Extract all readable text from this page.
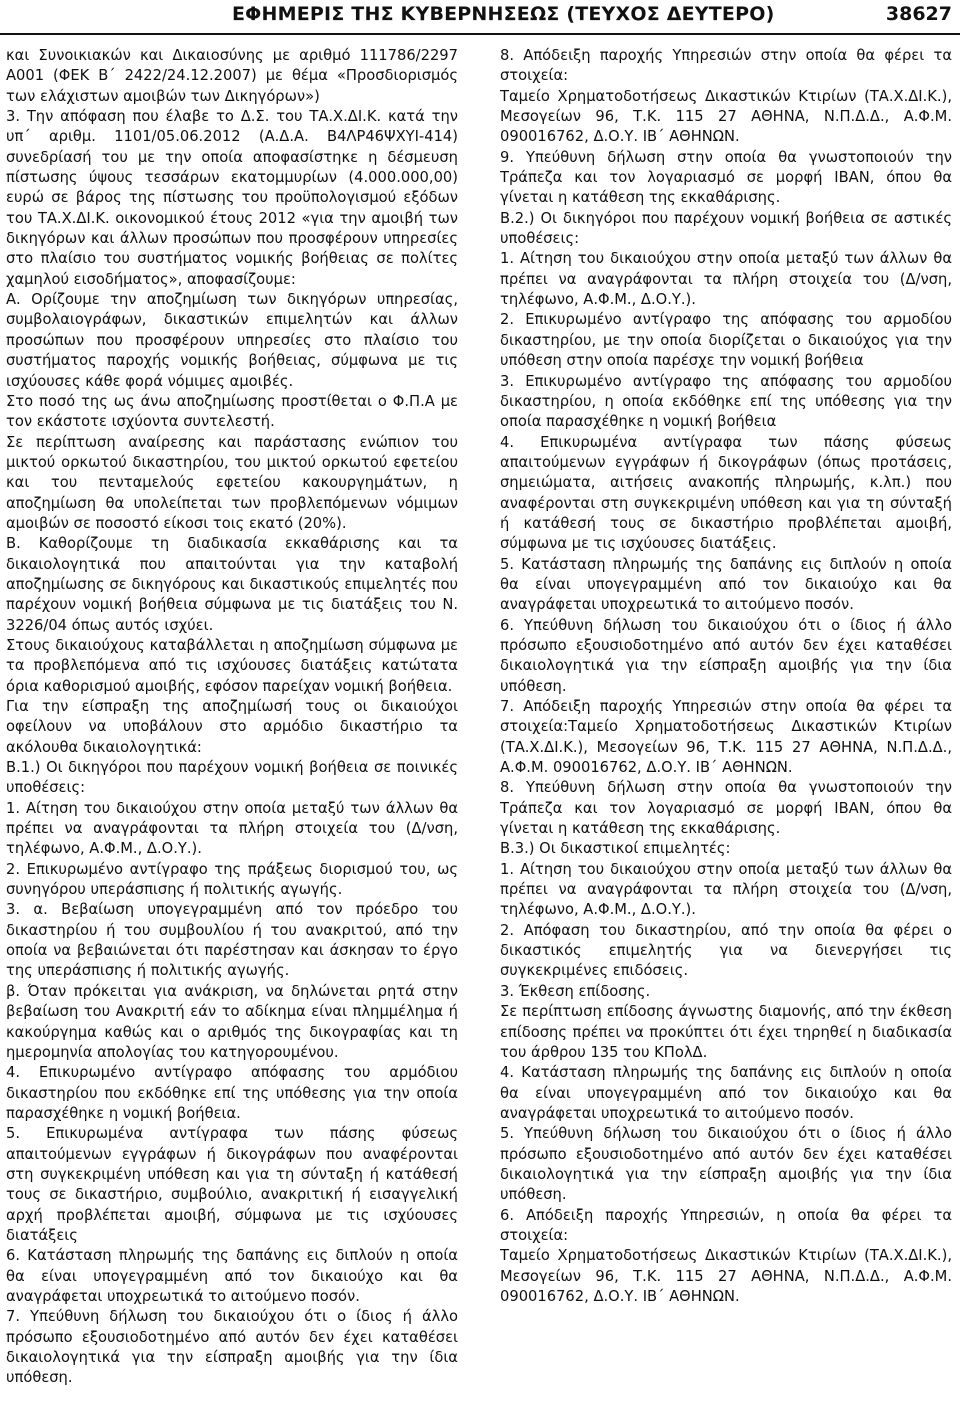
ΕΦΗΜΕΡΙΣ ΤΗΣ ΚΥΒΕΡΝΗΣΕΩΣ (ΤΕΥΧΟΣ ΔΕΥΤΕΡΟ)	38627

και Συνοικιακών και Δικαιοσύνης με αριθμό 111786/2297 Α001 (ΦΕΚ Β΄ 2422/24.12.2007) με θέμα «Προσδιορισμός των ελάχιστων αμοιβών των Δικηγόρων»)

3. Την απόφαση που έλαβε το Δ.Σ. του ΤΑ.Χ.ΔΙ.Κ. κατά την υπ΄ αριθμ. 1101/05.06.2012 (Α.Δ.Α. Β4ΛΡ46ΨΧΥΙ-414) συνεδρίασή του με την οποία αποφασίστηκε η δέσμευση πίστωσης ύψους τεσσάρων εκατομμυρίων (4.000.000,00) ευρώ σε βάρος της πίστωσης του προϋπολογισμού εξόδων του ΤΑ.Χ.ΔΙ.Κ. οικονομικού έτους 2012 «για την αμοιβή των δικηγόρων και άλλων προσώπων που προσφέρουν υπηρεσίες στο πλαίσιο του συστήματος νομικής βοήθειας σε πολίτες χαμηλού εισοδήματος», αποφασίζουμε:

Α. Ορίζουμε την αποζημίωση των δικηγόρων υπηρεσίας, συμβολαιογράφων, δικαστικών επιμελητών και άλλων προσώπων που προσφέρουν υπηρεσίες στο πλαίσιο του συστήματος παροχής νομικής βοήθειας, σύμφωνα με τις ισχύουσες κάθε φορά νόμιμες αμοιβές.

Στο ποσό της ως άνω αποζημίωσης προστίθεται ο Φ.Π.Α με τον εκάστοτε ισχύοντα συντελεστή.

Σε περίπτωση αναίρεσης και παράστασης ενώπιον του μικτού ορκωτού δικαστηρίου, του μικτού ορκωτού εφετείου και του πενταμελούς εφετείου κακουργημάτων, η αποζημίωση θα υπολείπεται των προβλεπόμενων νόμιμων αμοιβών σε ποσοστό είκοσι τοις εκατό (20%).

Β. Καθορίζουμε τη διαδικασία εκκαθάρισης και τα δικαιολογητικά που απαιτούνται για την καταβολή αποζημίωσης σε δικηγόρους και δικαστικούς επιμελητές που παρέχουν νομική βοήθεια σύμφωνα με τις διατάξεις του Ν. 3226/04 όπως αυτός ισχύει.

Στους δικαιούχους καταβάλλεται η αποζημίωση σύμφωνα με τα προβλεπόμενα από τις ισχύουσες διατάξεις κατώτατα όρια καθορισμού αμοιβής, εφόσον παρείχαν νομική βοήθεια.

Για την είσπραξη της αποζημίωσή τους οι δικαιούχοι οφείλουν να υποβάλουν στο αρμόδιο δικαστήριο τα ακόλουθα δικαιολογητικά:

Β.1.) Οι δικηγόροι που παρέχουν νομική βοήθεια σε ποινικές υποθέσεις:

1. Αίτηση του δικαιούχου στην οποία μεταξύ των άλλων θα πρέπει να αναγράφονται τα πλήρη στοιχεία του (Δ/νση, τηλέφωνο, Α.Φ.Μ., Δ.Ο.Υ.).

2. Επικυρωμένο αντίγραφο της πράξεως διορισμού του, ως συνηγόρου υπεράσπισης ή πολιτικής αγωγής.

3. α. Βεβαίωση υπογεγραμμένη από τον πρόεδρο του δικαστηρίου ή του συμβουλίου ή του ανακριτού, από την οποία να βεβαιώνεται ότι παρέστησαν και άσκησαν το έργο της υπεράσπισης ή πολιτικής αγωγής.

β. Όταν πρόκειται για ανάκριση, να δηλώνεται ρητά στην βεβαίωση του Ανακριτή εάν το αδίκημα είναι πλημμέλημα ή κακούργημα καθώς και ο αριθμός της δικογραφίας και τη ημερομηνία απολογίας του κατηγορουμένου.

4. Επικυρωμένο αντίγραφο απόφασης του αρμόδιου δικαστηρίου που εκδόθηκε επί της υπόθεσης για την οποία παρασχέθηκε η νομική βοήθεια.

5. Επικυρωμένα αντίγραφα των πάσης φύσεως απαιτούμενων εγγράφων ή δικογράφων που αναφέρονται στη συγκεκριμένη υπόθεση και για τη σύνταξη ή κατάθεσή τους σε δικαστήριο, συμβούλιο, ανακριτική ή εισαγγελική αρχή προβλέπεται αμοιβή, σύμφωνα με τις ισχύουσες διατάξεις

6. Κατάσταση πληρωμής της δαπάνης εις διπλούν η οποία θα είναι υπογεγραμμένη από τον δικαιούχο και θα αναγράφεται υποχρεωτικά το αιτούμενο ποσόν.

7. Υπεύθυνη δήλωση του δικαιούχου ότι ο ίδιος ή άλλο πρόσωπο εξουσιοδοτημένο από αυτόν δεν έχει καταθέσει δικαιολογητικά για την είσπραξη αμοιβής για την ίδια υπόθεση.

8. Απόδειξη παροχής Υπηρεσιών στην οποία θα φέρει τα στοιχεία:

Ταμείο Χρηματοδοτήσεως Δικαστικών Κτιρίων (ΤΑ.Χ.ΔΙ.Κ.), Μεσογείων 96, Τ.Κ. 115 27 ΑΘΗΝΑ, Ν.Π.Δ.Δ., Α.Φ.Μ. 090016762, Δ.Ο.Υ. ΙΒ΄ ΑΘΗΝΩΝ.

9. Υπεύθυνη δήλωση στην οποία θα γνωστοποιούν την Τράπεζα και τον λογαριασμό σε μορφή ΙΒΑΝ, όπου θα γίνεται η κατάθεση της εκκαθάρισης.

Β.2.) Οι δικηγόροι που παρέχουν νομική βοήθεια σε αστικές υποθέσεις:

1. Αίτηση του δικαιούχου στην οποία μεταξύ των άλλων θα πρέπει να αναγράφονται τα πλήρη στοιχεία του (Δ/νση, τηλέφωνο, Α.Φ.Μ., Δ.Ο.Υ.).

2. Επικυρωμένο αντίγραφο της απόφασης του αρμοδίου δικαστηρίου, με την οποία διορίζεται ο δικαιούχος για την υπόθεση στην οποία παρέσχε την νομική βοήθεια

3. Επικυρωμένο αντίγραφο της απόφασης του αρμοδίου δικαστηρίου, η οποία εκδόθηκε επί της υπόθεσης για την οποία παρασχέθηκε η νομική βοήθεια

4. Επικυρωμένα αντίγραφα των πάσης φύσεως απαιτούμενων εγγράφων ή δικογράφων (όπως προτάσεις, σημειώματα, αιτήσεις ανακοπής πληρωμής, κ.λπ.) που αναφέρονται στη συγκεκριμένη υπόθεση και για τη σύνταξή ή κατάθεσή τους σε δικαστήριο προβλέπεται αμοιβή, σύμφωνα με τις ισχύουσες διατάξεις.

5. Κατάσταση πληρωμής της δαπάνης εις διπλούν η οποία θα είναι υπογεγραμμένη από τον δικαιούχο και θα αναγράφεται υποχρεωτικά το αιτούμενο ποσόν.

6. Υπεύθυνη δήλωση του δικαιούχου ότι ο ίδιος ή άλλο πρόσωπο εξουσιοδοτημένο από αυτόν δεν έχει καταθέσει δικαιολογητικά για την είσπραξη αμοιβής για την ίδια υπόθεση.

7. Απόδειξη παροχής Υπηρεσιών στην οποία θα φέρει τα στοιχεία:Ταμείο Χρηματοδοτήσεως Δικαστικών Κτιρίων (ΤΑ.Χ.ΔΙ.Κ.), Μεσογείων 96, Τ.Κ. 115 27 ΑΘΗΝΑ, Ν.Π.Δ.Δ., Α.Φ.Μ. 090016762, Δ.Ο.Υ. ΙΒ΄ ΑΘΗΝΩΝ.

8. Υπεύθυνη δήλωση στην οποία θα γνωστοποιούν την Τράπεζα και τον λογαριασμό σε μορφή ΙΒΑΝ, όπου θα γίνεται η κατάθεση της εκκαθάρισης.

Β.3.) Οι δικαστικοί επιμελητές:

1. Αίτηση του δικαιούχου στην οποία μεταξύ των άλλων θα πρέπει να αναγράφονται τα πλήρη στοιχεία του (Δ/νση, τηλέφωνο, Α.Φ.Μ., Δ.Ο.Υ.).

2. Απόφαση του δικαστηρίου, από την οποία θα φέρει ο δικαστικός επιμελητής για να διενεργήσει τις συγκεκριμένες επιδόσεις.

3. Έκθεση επίδοσης.

Σε περίπτωση επίδοσης άγνωστης διαμονής, από την έκθεση επίδοσης πρέπει να προκύπτει ότι έχει τηρηθεί η διαδικασία του άρθρου 135 του ΚΠολΔ.

4. Κατάσταση πληρωμής της δαπάνης εις διπλούν η οποία θα είναι υπογεγραμμένη από τον δικαιούχο και θα αναγράφεται υποχρεωτικά το αιτούμενο ποσόν.

5. Υπεύθυνη δήλωση του δικαιούχου ότι ο ίδιος ή άλλο πρόσωπο εξουσιοδοτημένο από αυτόν δεν έχει καταθέσει δικαιολογητικά για την είσπραξη αμοιβής για την ίδια υπόθεση.

6. Απόδειξη παροχής Υπηρεσιών, η οποία θα φέρει τα στοιχεία:

Ταμείο Χρηματοδοτήσεως Δικαστικών Κτιρίων (ΤΑ.Χ.ΔΙ.Κ.), Μεσογείων 96, Τ.Κ. 115 27 ΑΘΗΝΑ, Ν.Π.Δ.Δ., Α.Φ.Μ. 090016762, Δ.Ο.Υ. ΙΒ΄ ΑΘΗΝΩΝ.
